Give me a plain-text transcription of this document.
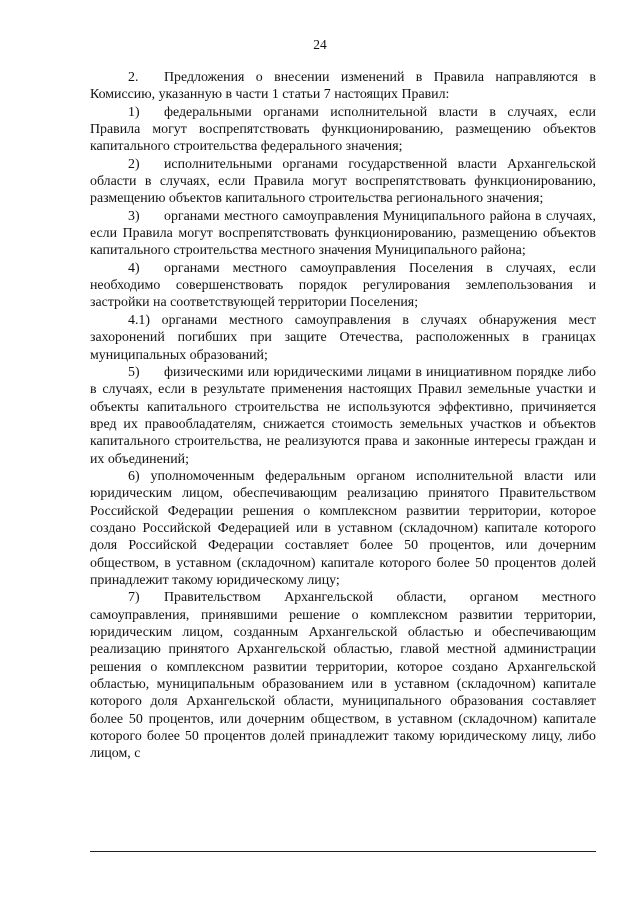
24

2. Предложения о внесении изменений в Правила направляются в Комиссию, указанную в части 1 статьи 7 настоящих Правил:

1) федеральными органами исполнительной власти в случаях, если Правила могут воспрепятствовать функционированию, размещению объектов капитального строительства федерального значения;

2) исполнительными органами государственной власти Архангельской области в случаях, если Правила могут воспрепятствовать функционированию, размещению объектов капитального строительства регионального значения;

3) органами местного самоуправления Муниципального района в случаях, если Правила могут воспрепятствовать функционированию, размещению объектов капитального строительства местного значения Муниципального района;

4) органами местного самоуправления Поселения в случаях, если необходимо совершенствовать порядок регулирования землепользования и застройки на соответствующей территории Поселения;

4.1) органами местного самоуправления в случаях обнаружения мест захоронений погибших при защите Отечества, расположенных в границах муниципальных образований;

5) физическими или юридическими лицами в инициативном порядке либо в случаях, если в результате применения настоящих Правил земельные участки и объекты капитального строительства не используются эффективно, причиняется вред их правообладателям, снижается стоимость земельных участков и объектов капитального строительства, не реализуются права и законные интересы граждан и их объединений;

6) уполномоченным федеральным органом исполнительной власти или юридическим лицом, обеспечивающим реализацию принятого Правительством Российской Федерации решения о комплексном развитии территории, которое создано Российской Федерацией или в уставном (складочном) капитале которого доля Российской Федерации составляет более 50 процентов, или дочерним обществом, в уставном (складочном) капитале которого более 50 процентов долей принадлежит такому юридическому лицу;

7) Правительством Архангельской области, органом местного самоуправления, принявшими решение о комплексном развитии территории, юридическим лицом, созданным Архангельской областью и обеспечивающим реализацию принятого Архангельской областью, главой местной администрации решения о комплексном развитии территории, которое создано Архангельской областью, муниципальным образованием или в уставном (складочном) капитале которого доля Архангельской области, муниципального образования составляет более 50 процентов, или дочерним обществом, в уставном (складочном) капитале которого более 50 процентов долей принадлежит такому юридическому лицу, либо лицом, с
